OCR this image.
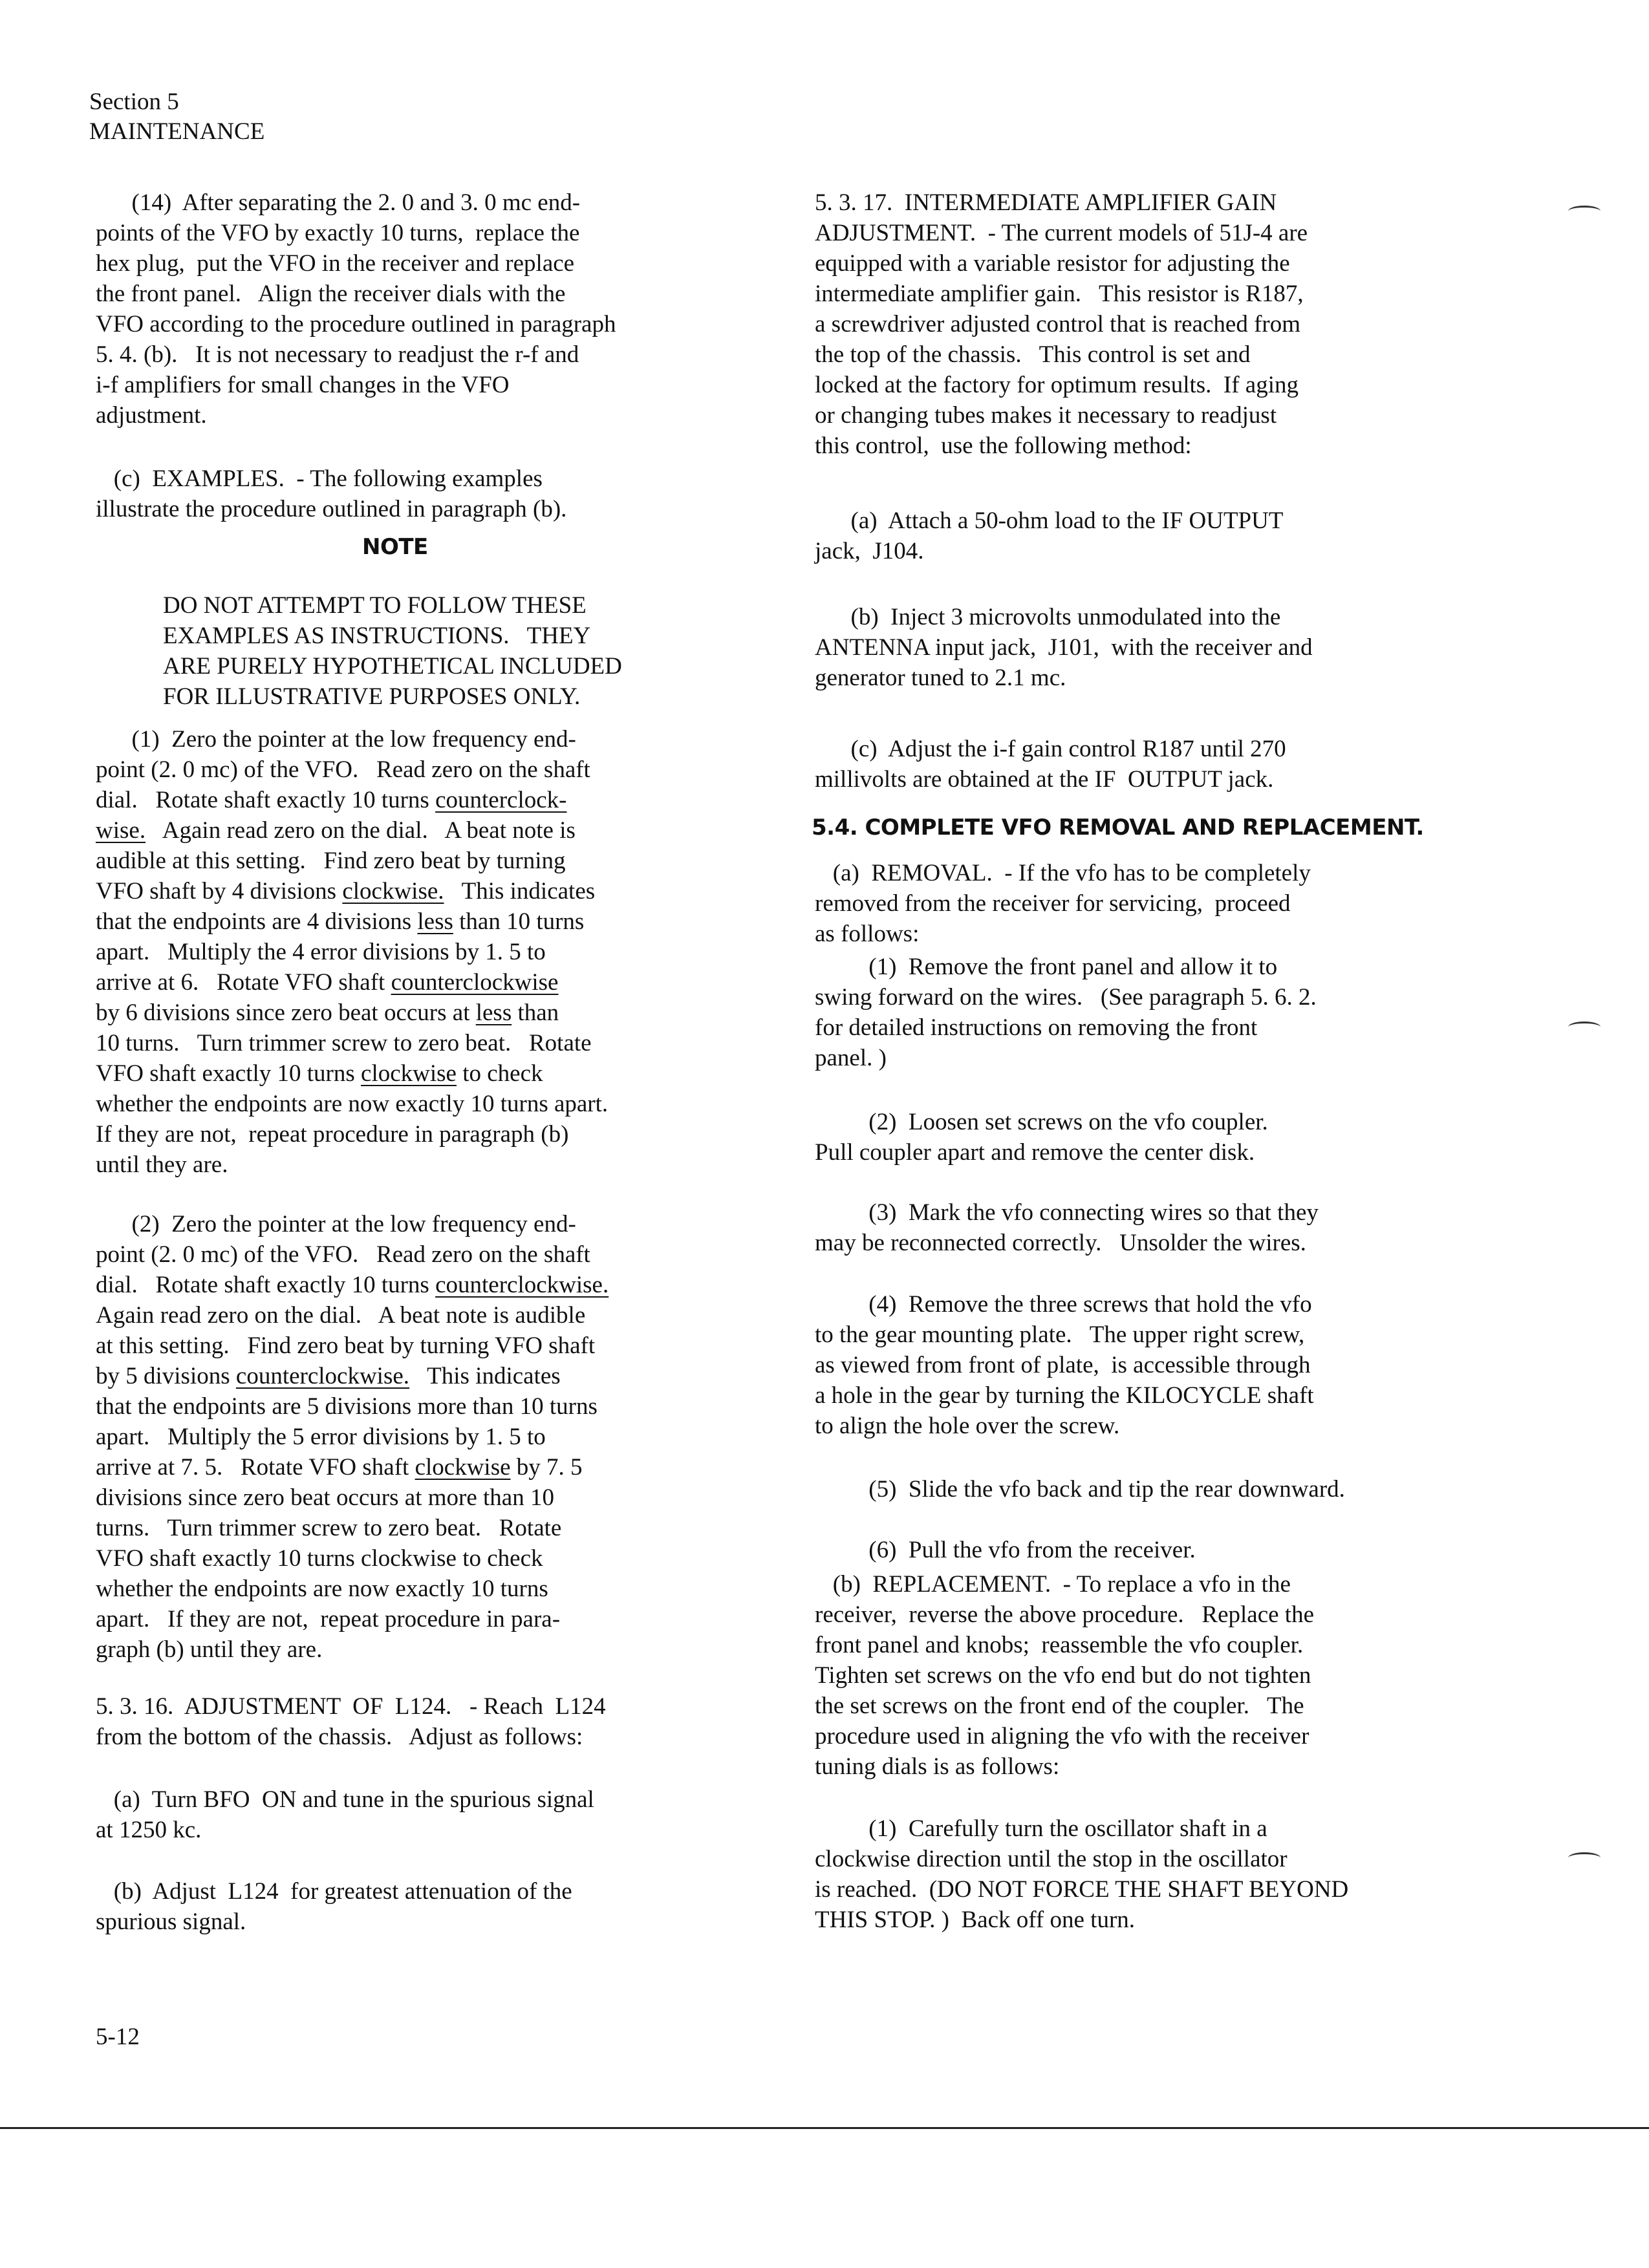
Section 5
MAINTENANCE
(14)  After separating the 2. 0 and 3. 0 mc end-
points of the VFO by exactly 10 turns,  replace the
hex plug,  put the VFO in the receiver and replace
the front panel.   Align the receiver dials with the
VFO according to the procedure outlined in paragraph
5. 4. (b).   It is not necessary to readjust the r-f and
i-f amplifiers for small changes in the VFO
adjustment.
(c)  EXAMPLES.  - The following examples
illustrate the procedure outlined in paragraph (b).
NOTE
DO NOT ATTEMPT TO FOLLOW THESE
EXAMPLES AS INSTRUCTIONS.   THEY
ARE PURELY HYPOTHETICAL INCLUDED
FOR ILLUSTRATIVE PURPOSES ONLY.
(1)  Zero the pointer at the low frequency end-
point (2. 0 mc) of the VFO.   Read zero on the shaft
dial.   Rotate shaft exactly 10 turns counterclock-
wise.   Again read zero on the dial.   A beat note is
audible at this setting.   Find zero beat by turning
VFO shaft by 4 divisions clockwise.   This indicates
that the endpoints are 4 divisions less than 10 turns
apart.   Multiply the 4 error divisions by 1. 5 to
arrive at 6.   Rotate VFO shaft counterclockwise
by 6 divisions since zero beat occurs at less than
10 turns.   Turn trimmer screw to zero beat.   Rotate
VFO shaft exactly 10 turns clockwise to check
whether the endpoints are now exactly 10 turns apart.
If they are not,  repeat procedure in paragraph (b)
until they are.
(2)  Zero the pointer at the low frequency end-
point (2. 0 mc) of the VFO.   Read zero on the shaft
dial.   Rotate shaft exactly 10 turns counterclockwise.
Again read zero on the dial.   A beat note is audible
at this setting.   Find zero beat by turning VFO shaft
by 5 divisions counterclockwise.   This indicates
that the endpoints are 5 divisions more than 10 turns
apart.   Multiply the 5 error divisions by 1. 5 to
arrive at 7. 5.   Rotate VFO shaft clockwise by 7. 5
divisions since zero beat occurs at more than 10
turns.   Turn trimmer screw to zero beat.   Rotate
VFO shaft exactly 10 turns clockwise to check
whether the endpoints are now exactly 10 turns
apart.   If they are not,  repeat procedure in para-
graph (b) until they are.
5. 3. 16.  ADJUSTMENT  OF  L124.   - Reach  L124
from the bottom of the chassis.   Adjust as follows:
(a)  Turn BFO  ON and tune in the spurious signal
at 1250 kc.
(b)  Adjust  L124  for greatest attenuation of the
spurious signal.
5-12
5. 3. 17.  INTERMEDIATE AMPLIFIER GAIN
ADJUSTMENT.  - The current models of 51J-4 are
equipped with a variable resistor for adjusting the
intermediate amplifier gain.   This resistor is R187,
a screwdriver adjusted control that is reached from
the top of the chassis.   This control is set and
locked at the factory for optimum results.  If aging
or changing tubes makes it necessary to readjust
this control,  use the following method:
(a)  Attach a 50-ohm load to the IF OUTPUT
jack,  J104.
(b)  Inject 3 microvolts unmodulated into the
ANTENNA input jack,  J101,  with the receiver and
generator tuned to 2.1 mc.
(c)  Adjust the i-f gain control R187 until 270
millivolts are obtained at the IF  OUTPUT jack.
5.4. COMPLETE VFO REMOVAL AND REPLACEMENT.
(a)  REMOVAL.  - If the vfo has to be completely
removed from the receiver for servicing,  proceed
as follows:
(1)  Remove the front panel and allow it to
swing forward on the wires.   (See paragraph 5. 6. 2.
for detailed instructions on removing the front
panel. )
(2)  Loosen set screws on the vfo coupler.
Pull coupler apart and remove the center disk.
(3)  Mark the vfo connecting wires so that they
may be reconnected correctly.   Unsolder the wires.
(4)  Remove the three screws that hold the vfo
to the gear mounting plate.   The upper right screw,
as viewed from front of plate,  is accessible through
a hole in the gear by turning the KILOCYCLE shaft
to align the hole over the screw.
(5)  Slide the vfo back and tip the rear downward.
(6)  Pull the vfo from the receiver.
(b)  REPLACEMENT.  - To replace a vfo in the
receiver,  reverse the above procedure.   Replace the
front panel and knobs;  reassemble the vfo coupler.
Tighten set screws on the vfo end but do not tighten
the set screws on the front end of the coupler.   The
procedure used in aligning the vfo with the receiver
tuning dials is as follows:
(1)  Carefully turn the oscillator shaft in a
clockwise direction until the stop in the oscillator
is reached.  (DO NOT FORCE THE SHAFT BEYOND
THIS STOP. )  Back off one turn.
